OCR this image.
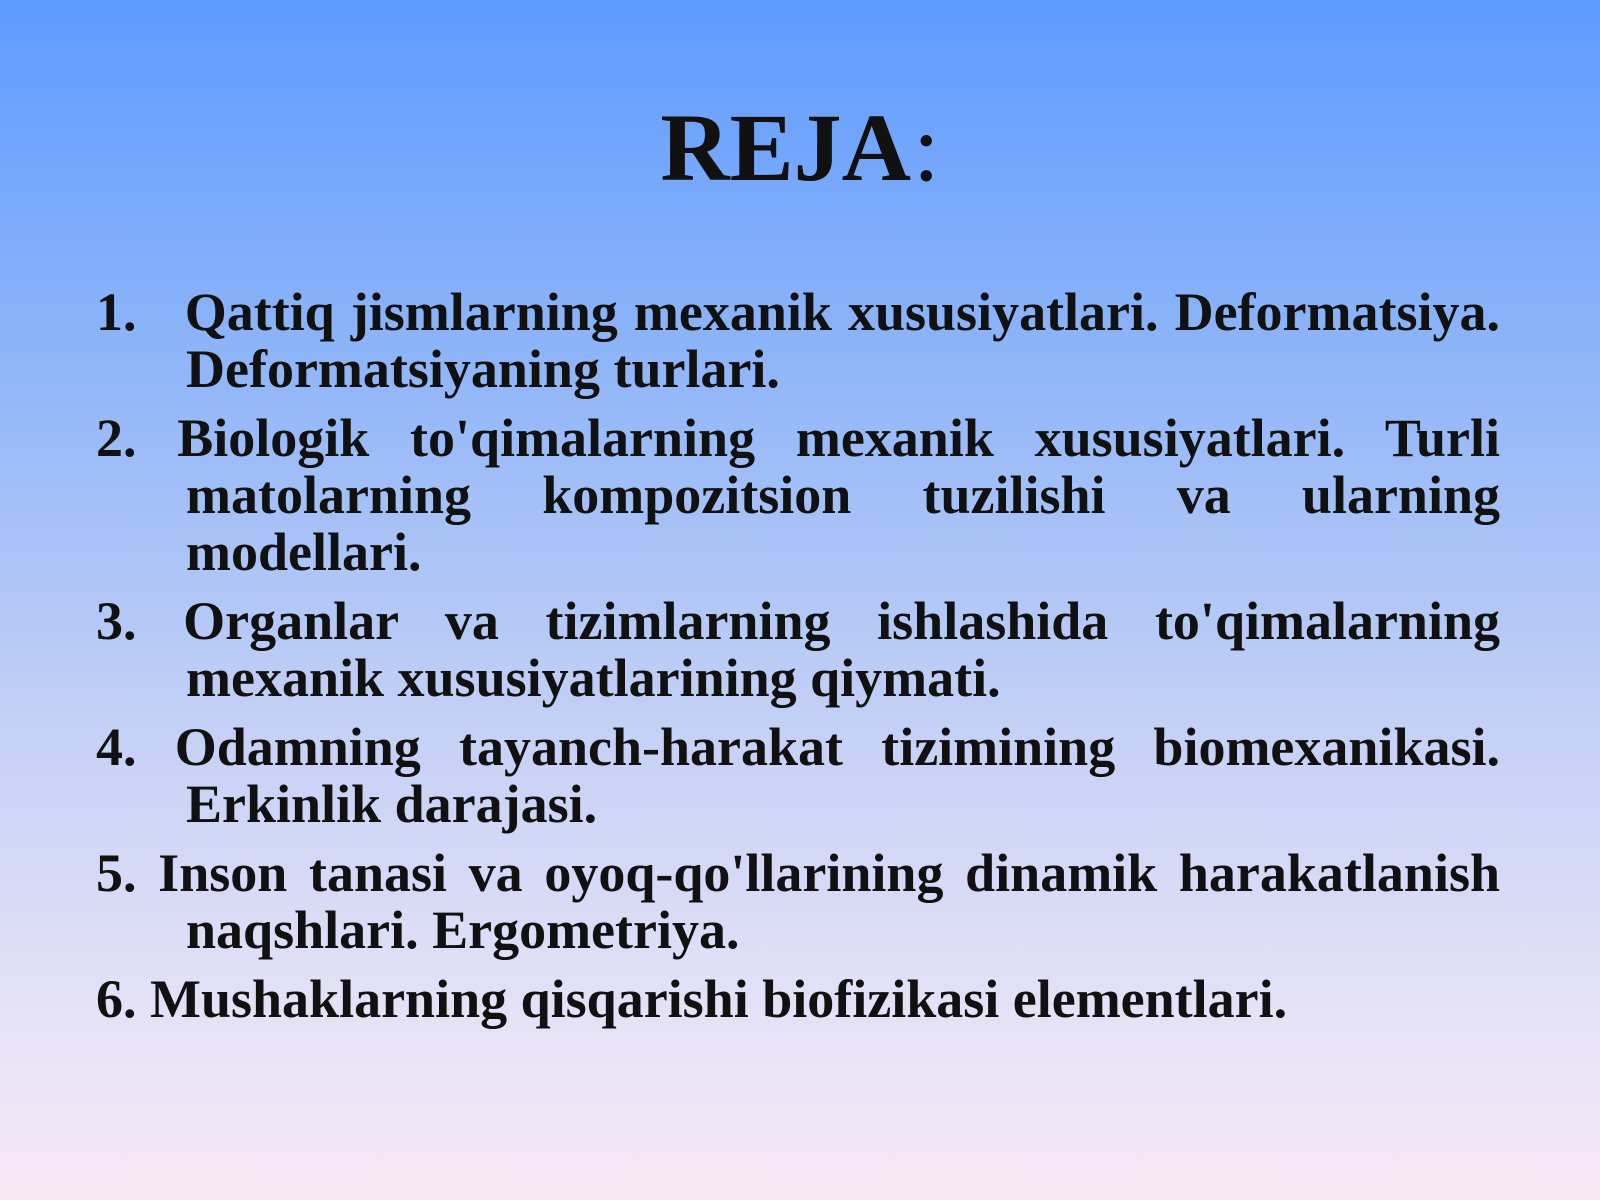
REJA:
1.   Qattiq jismlarning mexanik xususiyatlari. Deformatsiya. Deformatsiyaning turlari.
2. Biologik to'qimalarning mexanik xususiyatlari. Turli matolarning kompozitsion tuzilishi va ularning modellari.
3. Organlar va tizimlarning ishlashida to'qimalarning mexanik xususiyatlarining qiymati.
4. Odamning tayanch-harakat tizimining biomexanikasi. Erkinlik darajasi.
5. Inson tanasi va oyoq-qo'llarining dinamik harakatlanish naqshlari. Ergometriya.
6. Mushaklarning qisqarishi biofizikasi elementlari.
